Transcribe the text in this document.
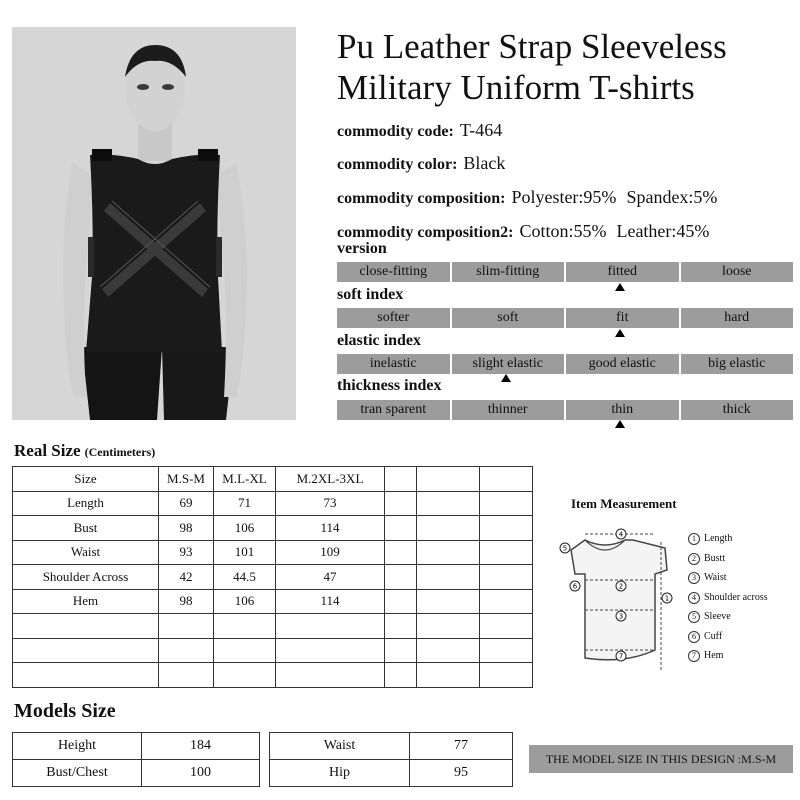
Pu Leather Strap Sleeveless Military Uniform T-shirts
commodity code: T-464
commodity color: Black
commodity composition: Polyester:95% Spandex:5%
commodity composition2: Cotton:55% Leather:45%
version
close-fitting	slim-fitting	fitted	loose
soft index
softer	soft	fit	hard
elastic index
inelastic	slight elastic	good elastic	big elastic
thickness index
tran sparent	thinner	thin	thick
Real Size (Centimeters)
Size	M.S-M	M.L-XL	M.2XL-3XL			
Length	69	71	73			
Bust	98	106	114			
Waist	93	101	109			
Shoulder Across	42	44.5	47			
Hem	98	106	114			

Item Measurement
4
2
3
7
1
5
6
1 Length
2 Bustt
3 Waist
4 Shoulder across
5 Sleeve
6 Cuff
7 Hem
Models Size
Height	184
Bust/Chest	100
Waist	77
Hip	95
THE MODEL SIZE IN THIS DESIGN :M.S-M
